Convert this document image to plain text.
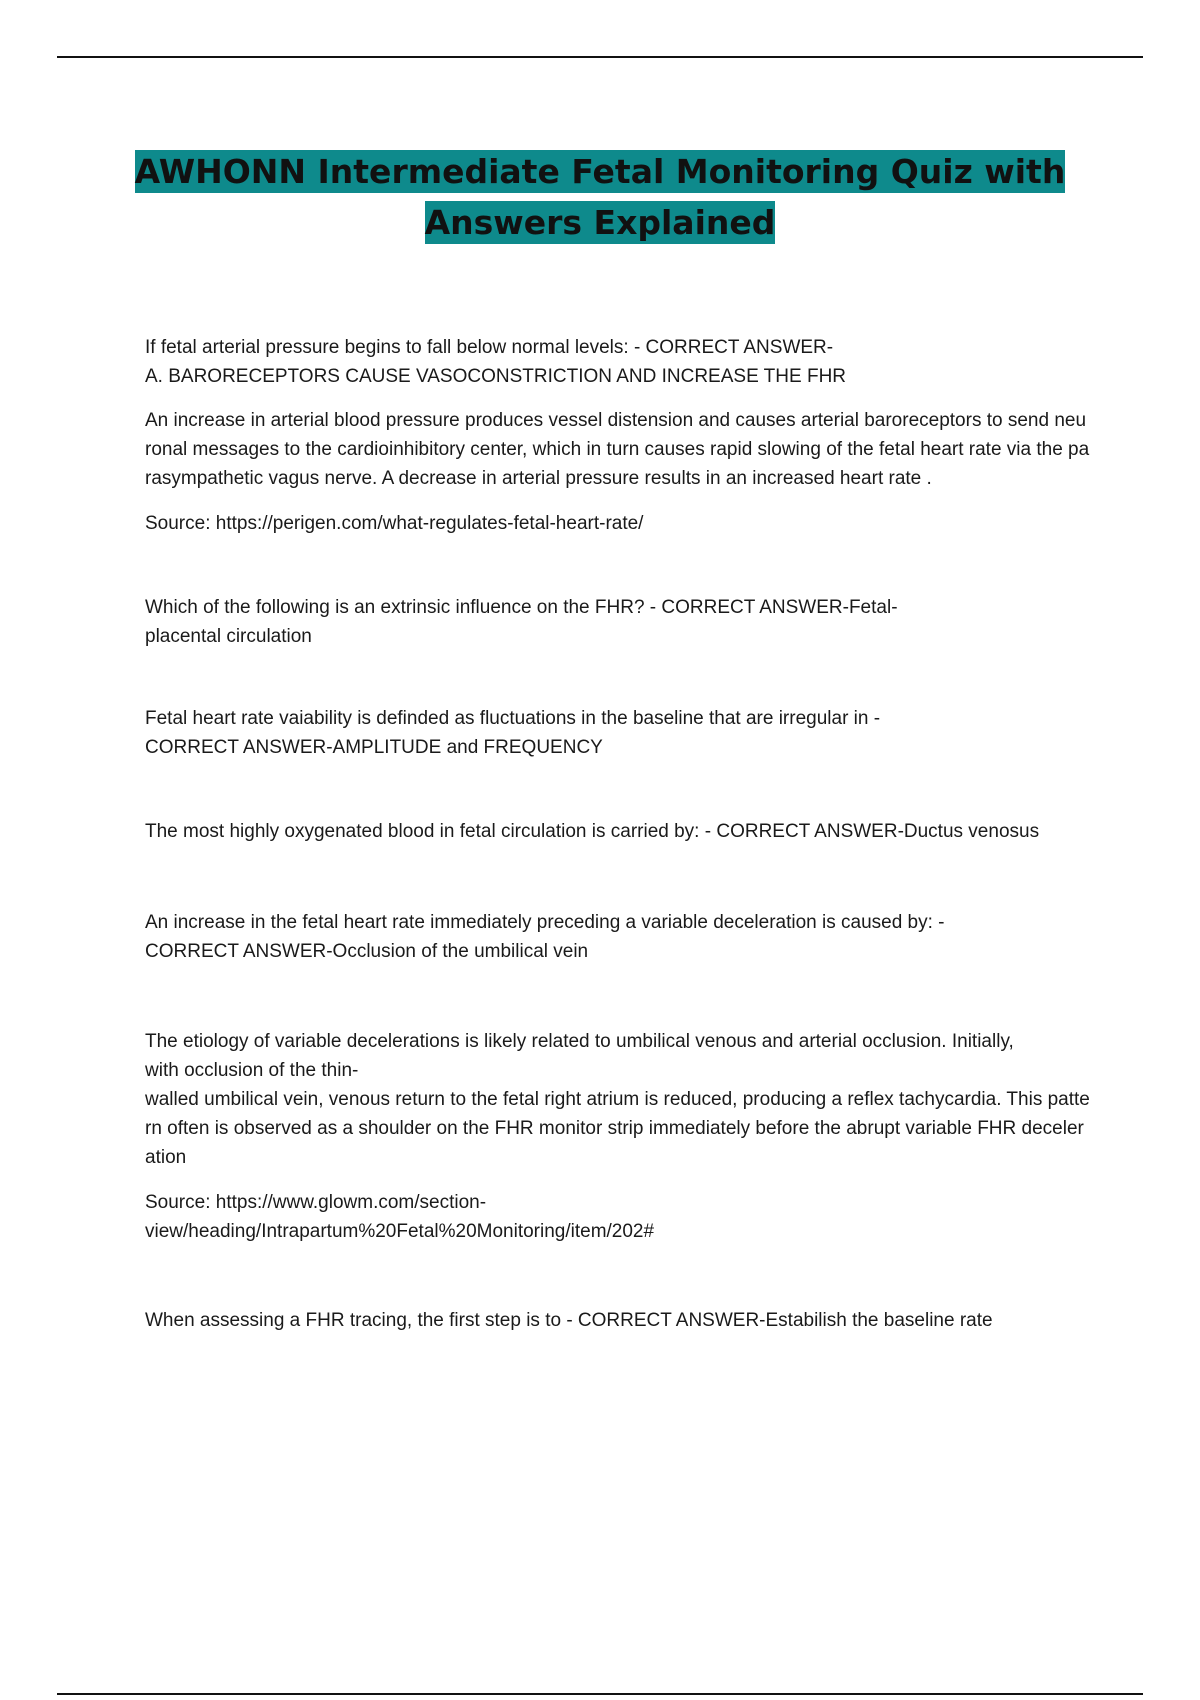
AWHONN Intermediate Fetal Monitoring Quiz with
Answers Explained

If fetal arterial pressure begins to fall below normal levels: - CORRECT ANSWER-

A. BARORECEPTORS CAUSE VASOCONSTRICTION AND INCREASE THE FHR

An increase in arterial blood pressure produces vessel distension and causes arterial baroreceptors to send neuronal messages to the cardioinhibitory center, which in turn causes rapid slowing of the fetal heart rate via the parasympathetic vagus nerve. A decrease in arterial pressure results in an increased heart rate .

Source: https://perigen.com/what-regulates-fetal-heart-rate/

Which of the following is an extrinsic influence on the FHR? - CORRECT ANSWER-Fetal-

placental circulation

Fetal heart rate vaiability is definded as fluctuations in the baseline that are irregular in -

CORRECT ANSWER-AMPLITUDE and FREQUENCY

The most highly oxygenated blood in fetal circulation is carried by: - CORRECT ANSWER-Ductus venosus

An increase in the fetal heart rate immediately preceding a variable deceleration is caused by: -

CORRECT ANSWER-Occlusion of the umbilical vein

The etiology of variable decelerations is likely related to umbilical venous and arterial occlusion. Initially,

with occlusion of the thin-

walled umbilical vein, venous return to the fetal right atrium is reduced, producing a reflex tachycardia. This pattern often is observed as a shoulder on the FHR monitor strip immediately before the abrupt variable FHR deceleration

Source: https://www.glowm.com/section-

view/heading/Intrapartum%20Fetal%20Monitoring/item/202#

When assessing a FHR tracing, the first step is to - CORRECT ANSWER-Estabilish the baseline rate
